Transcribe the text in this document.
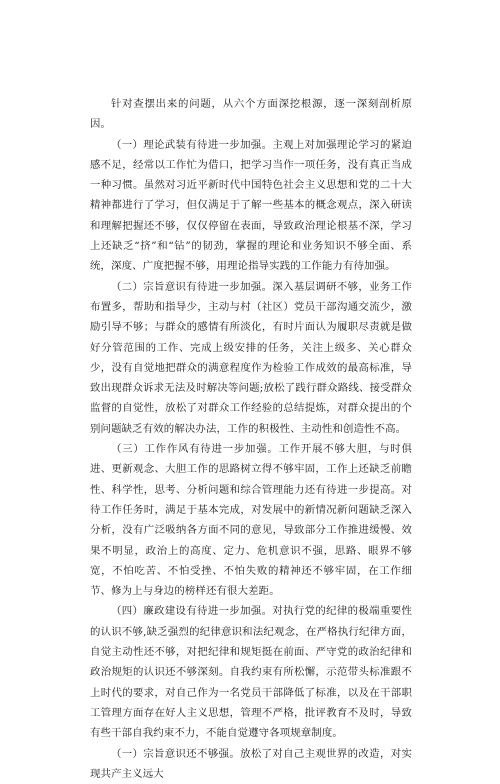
针对查摆出来的问题，从六个方面深挖根源，逐一深刻剖析原因。

（一）理论武装有待进一步加强。主观上对加强理论学习的紧迫感不足，经常以工作忙为借口，把学习当作一项任务，没有真正当成一种习惯。虽然对习近平新时代中国特色社会主义思想和党的二十大精神都进行了学习，但仅满足于了解一些基本的概念观点，深入研读和理解把握还不够，仅仅停留在表面，导致政治理论根基不深，学习上还缺乏“挤”和“钻”的韧劲，掌握的理论和业务知识不够全面、系统，深度、广度把握不够，用理论指导实践的工作能力有待加强。

（二）宗旨意识有待进一步加强。深入基层调研不够，业务工作布置多，帮助和指导少，主动与村（社区）党员干部沟通交流少，激励引导不够；与群众的感情有所淡化，有时片面认为履职尽责就是做好分管范围的工作、完成上级安排的任务，关注上级多、关心群众少，没有自觉地把群众的满意程度作为检验工作成效的最高标准，导致出现群众诉求无法及时解决等问题;放松了践行群众路线、接受群众监督的自觉性，放松了对群众工作经验的总结提炼，对群众提出的个别问题缺乏有效的解决办法，工作的积极性、主动性和创造性不高。

（三）工作作风有待进一步加强。工作开展不够大胆，与时俱进、更新观念、大胆工作的思路树立得不够牢固，工作上还缺乏前瞻性、科学性，思考、分析问题和综合管理能力还有待进一步提高。对待工作任务时，满足于基本完成，对发展中的新情况新问题缺乏深入分析，没有广泛吸纳各方面不同的意见，导致部分工作推进缓慢、效果不明显，政治上的高度、定力、危机意识不强，思路、眼界不够宽，不怕吃苦、不怕受挫、不怕失败的精神还不够牢固，在工作细节、修为上与身边的榜样还有很大差距。

（四）廉政建设有待进一步加强。对执行党的纪律的极端重要性的认识不够,缺乏强烈的纪律意识和法纪观念，在严格执行纪律方面，自觉主动性还不够，对把纪律和规矩挺在前面、严守党的政治纪律和政治规矩的认识还不够深刻。自我约束有所松懈，示范带头标准跟不上时代的要求，对自己作为一名党员干部降低了标准，以及在干部职工管理方面存在好人主义思想，管理不严格，批评教育不及时，导致有些干部自我约束不力，不能自觉遵守各项规章制度。

（一）宗旨意识还不够强。放松了对自己主观世界的改造，对实现共产主义远大
